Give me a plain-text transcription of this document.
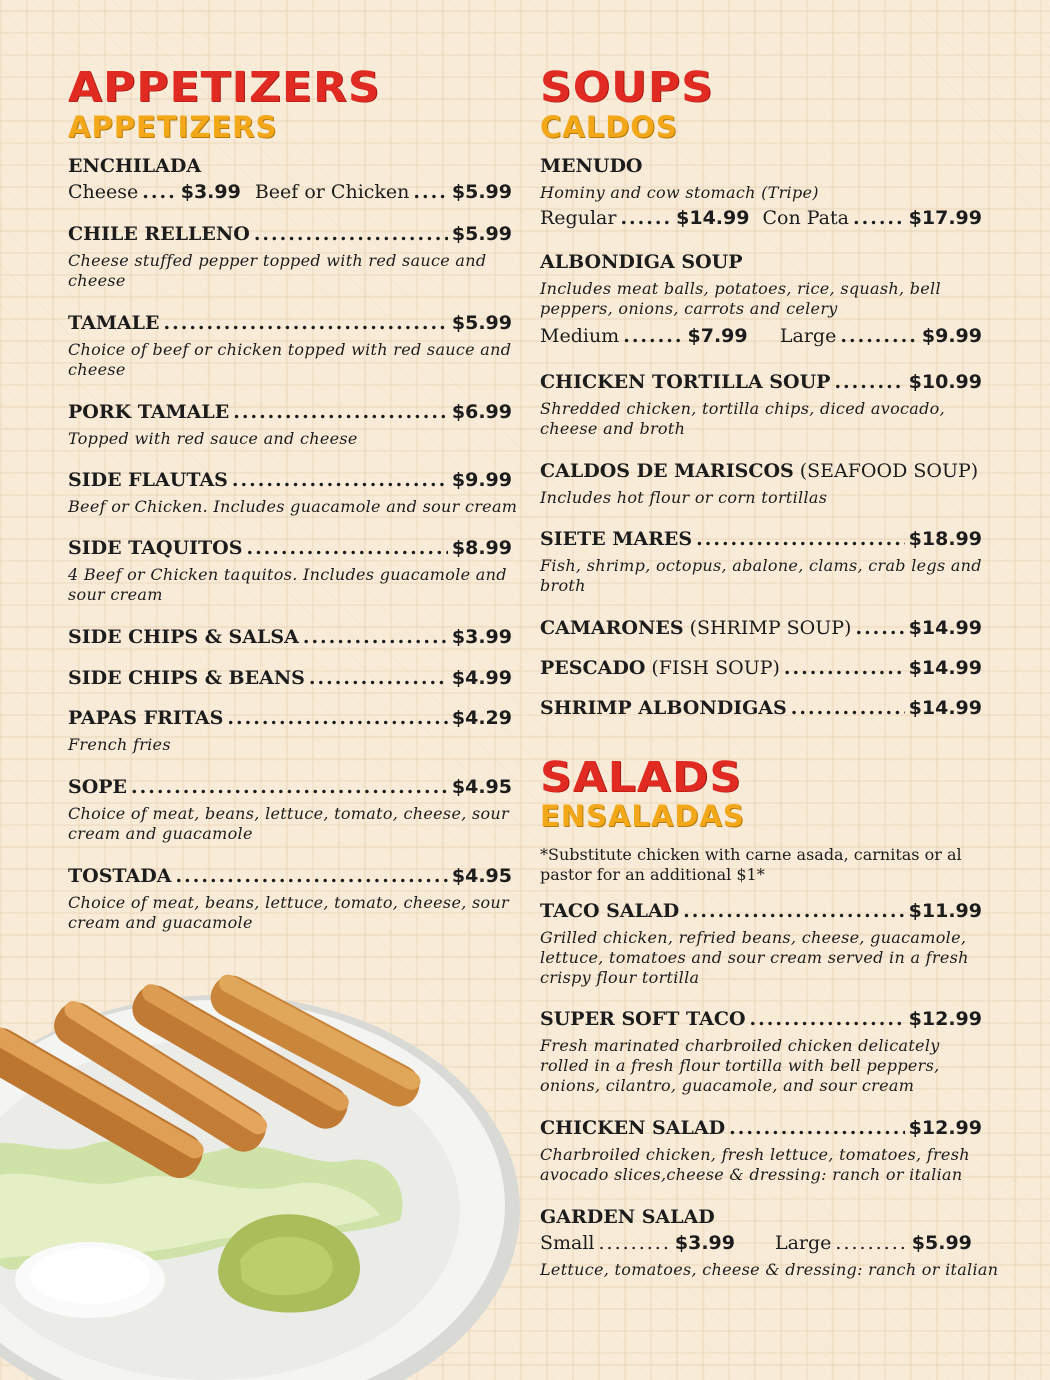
APPETIZERS
APPETIZERS
ENCHILADA
Cheese .... $3.99 Beef or Chicken .... $5.99
CHILE RELLENO .....	$5.99
Cheese stuffed pepper topped with red sauce and cheese
TAMALE .....	$5.99
Choice of beef or chicken topped with red sauce and cheese
PORK TAMALE .....	$6.99
Topped with red sauce and cheese
SIDE FLAUTAS .....	$9.99
Beef or Chicken. Includes guacamole and sour cream
SIDE TAQUITOS .....	$8.99
4 Beef or Chicken taquitos. Includes guacamole and sour cream
SIDE CHIPS & SALSA .....	$3.99
SIDE CHIPS & BEANS .....	$4.99
PAPAS FRITAS .....	$4.29
French fries
SOPE .....	$4.95
Choice of meat, beans, lettuce, tomato, cheese, sour cream and guacamole
TOSTADA .....	$4.95
Choice of meat, beans, lettuce, tomato, cheese, sour cream and guacamole
SOUPS
CALDOS
MENUDO
Hominy and cow stomach (Tripe)
Regular ...... $14.99 Con Pata ...... $17.99
ALBONDIGA SOUP
Includes meat balls, potatoes, rice, squash, bell peppers, onions, carrots and celery
Medium ....... $7.99 Large ......... $9.99
CHICKEN TORTILLA SOUP .....	$10.99
Shredded chicken, tortilla chips, diced avocado, cheese and broth
CALDOS DE MARISCOS (SEAFOOD SOUP)
Includes hot flour or corn tortillas
SIETE MARES .....	$18.99
Fish, shrimp, octopus, abalone, clams, crab legs and broth
CAMARONES (SHRIMP SOUP) .....	$14.99
PESCADO (FISH SOUP) .....	$14.99
SHRIMP ALBONDIGAS .....	$14.99
SALADS
ENSALADAS
*Substitute chicken with carne asada, carnitas or al pastor for an additional $1*
TACO SALAD .....	$11.99
Grilled chicken, refried beans, cheese, guacamole, lettuce, tomatoes and sour cream served in a fresh crispy flour tortilla
SUPER SOFT TACO .....	$12.99
Fresh marinated charbroiled chicken delicately rolled in a fresh flour tortilla with bell peppers, onions, cilantro, guacamole, and sour cream
CHICKEN SALAD .....	$12.99
Charbroiled chicken, fresh lettuce, tomatoes, fresh avocado slices,cheese & dressing: ranch or italian
GARDEN SALAD
Small ......... $3.99 Large ......... $5.99
Lettuce, tomatoes, cheese & dressing: ranch or italian
